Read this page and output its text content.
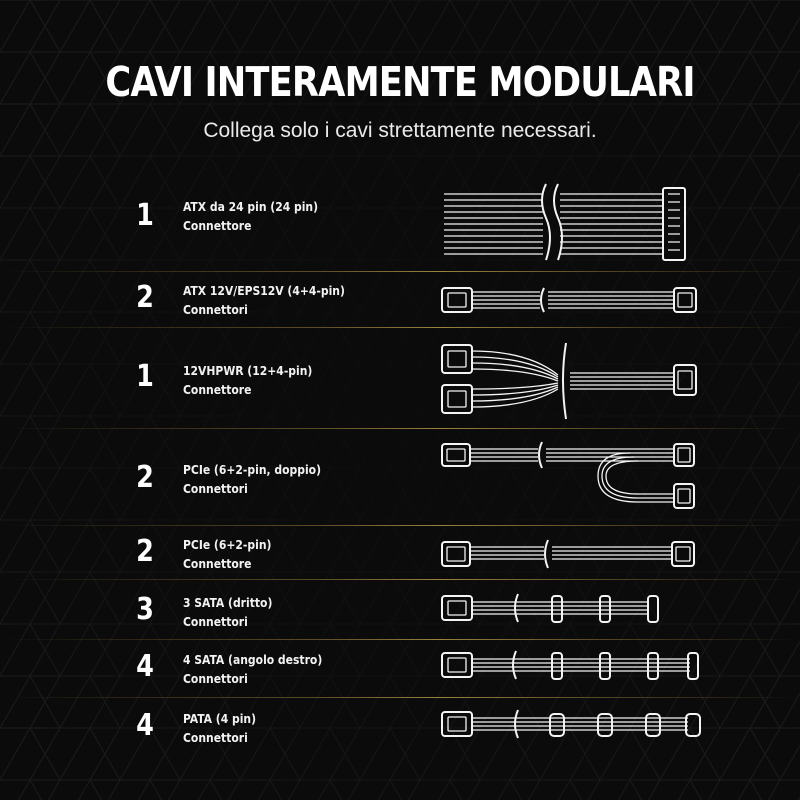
CAVI INTERAMENTE MODULARI
Collega solo i cavi strettamente necessari.
1	ATX da 24 pin (24 pin)
Connettore
2	ATX 12V/EPS12V (4+4-pin)
Connettori
1	12VHPWR (12+4-pin)
Connettore
2	PCIe (6+2-pin, doppio)
Connettori
2	PCIe (6+2-pin)
Connettore
3	3 SATA (dritto)
Connettori
4	4 SATA (angolo destro)
Connettori
4	PATA (4 pin)
Connettori
